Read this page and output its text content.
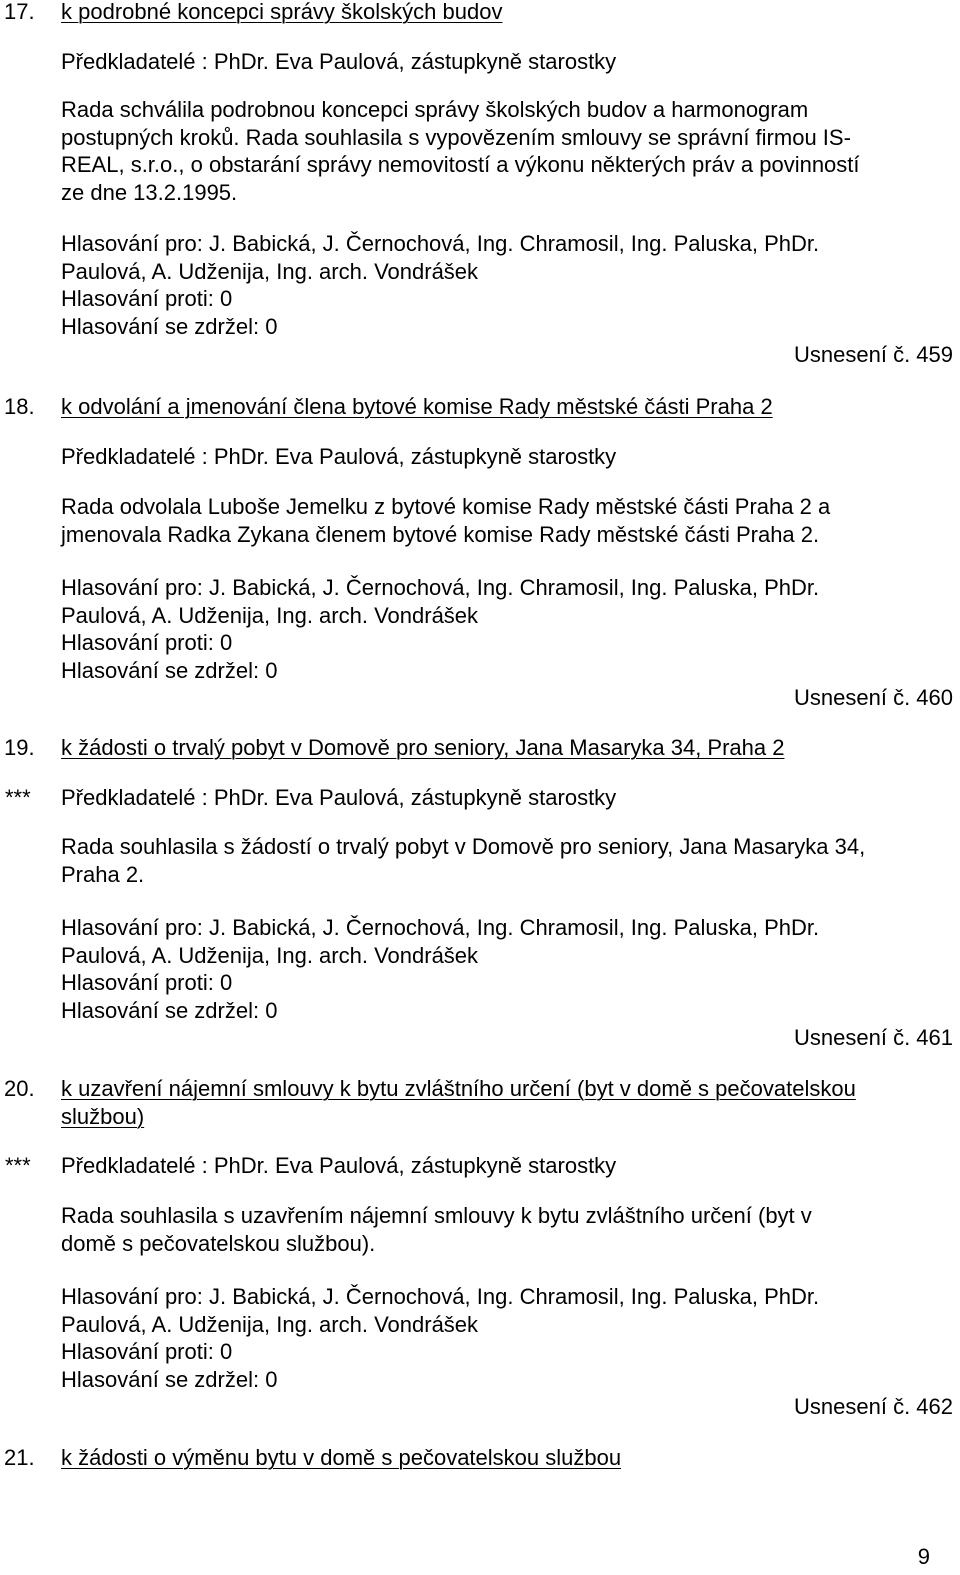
17. k podrobné koncepci správy školských budov
Předkladatelé : PhDr. Eva Paulová, zástupkyně starostky
Rada schválila podrobnou koncepci správy školských budov a harmonogram
postupných kroků. Rada souhlasila s vypovězením smlouvy se správní firmou IS-
REAL, s.r.o., o obstarání správy nemovitostí a výkonu některých práv a povinností
ze dne 13.2.1995.
Hlasování pro: J. Babická, J. Černochová, Ing. Chramosil, Ing. Paluska, PhDr.
Paulová, A. Udženija, Ing. arch. Vondrášek
Hlasování proti: 0
Hlasování se zdržel: 0
Usnesení č. 459
18. k odvolání a jmenování člena bytové komise Rady městské části Praha 2
Předkladatelé : PhDr. Eva Paulová, zástupkyně starostky
Rada odvolala Luboše Jemelku z bytové komise Rady městské části Praha 2 a
jmenovala Radka Zykana členem bytové komise Rady městské části Praha 2.
Hlasování pro: J. Babická, J. Černochová, Ing. Chramosil, Ing. Paluska, PhDr.
Paulová, A. Udženija, Ing. arch. Vondrášek
Hlasování proti: 0
Hlasování se zdržel: 0
Usnesení č. 460
19. k žádosti o trvalý pobyt v Domově pro seniory, Jana Masaryka 34, Praha 2
*** Předkladatelé : PhDr. Eva Paulová, zástupkyně starostky
Rada souhlasila s žádostí o trvalý pobyt v Domově pro seniory, Jana Masaryka 34,
Praha 2.
Hlasování pro: J. Babická, J. Černochová, Ing. Chramosil, Ing. Paluska, PhDr.
Paulová, A. Udženija, Ing. arch. Vondrášek
Hlasování proti: 0
Hlasování se zdržel: 0
Usnesení č. 461
20. k uzavření nájemní smlouvy k bytu zvláštního určení (byt v domě s pečovatelskou
službou)
*** Předkladatelé : PhDr. Eva Paulová, zástupkyně starostky
Rada souhlasila s uzavřením nájemní smlouvy k bytu zvláštního určení (byt v
domě s pečovatelskou službou).
Hlasování pro: J. Babická, J. Černochová, Ing. Chramosil, Ing. Paluska, PhDr.
Paulová, A. Udženija, Ing. arch. Vondrášek
Hlasování proti: 0
Hlasování se zdržel: 0
Usnesení č. 462
21. k žádosti o výměnu bytu v domě s pečovatelskou službou
9
